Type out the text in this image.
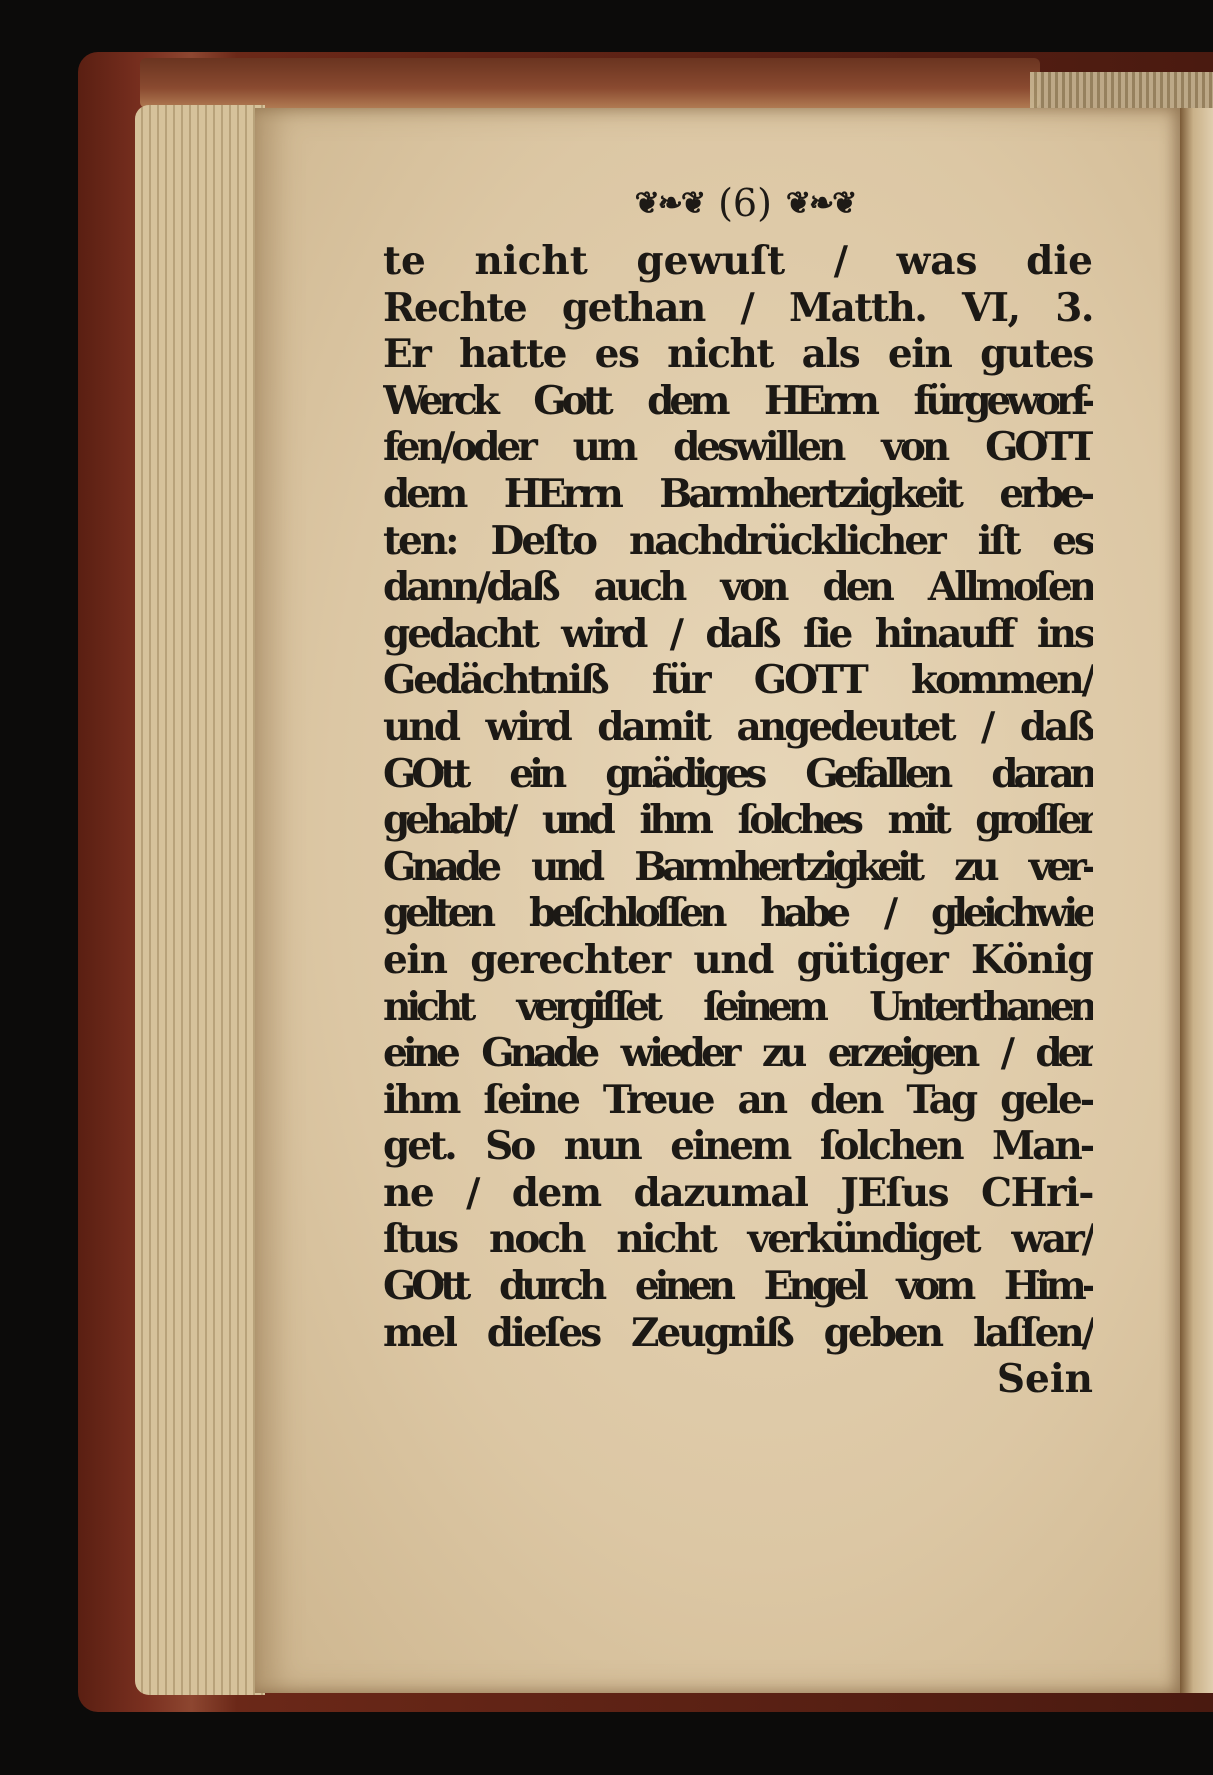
❦❧❦ (6) ❦❧❦
te nicht gewuſt / was die
Rechte gethan / Matth. VI, 3.
Er hatte es nicht als ein gutes
Werck Gott dem HErrn fürgeworf-
fen/oder um deswillen von GOTT
dem HErrn Barmhertzigkeit erbe-
ten: Deſto nachdrücklicher iſt es
dann/daß auch von den Allmoſen
gedacht wird / daß ſie hinauff ins
Gedächtniß für GOTT kommen/
und wird damit angedeutet / daß
GOtt ein gnädiges Gefallen daran
gehabt/ und ihm ſolches mit groſſer
Gnade und Barmhertzigkeit zu ver-
gelten beſchloſſen habe / gleichwie
ein gerechter und gütiger König
nicht vergiſſet ſeinem Unterthanen
eine Gnade wieder zu erzeigen / der
ihm ſeine Treue an den Tag gele-
get. So nun einem ſolchen Man-
ne / dem dazumal JEſus CHri-
ſtus noch nicht verkündiget war/
GOtt durch einen Engel vom Him-
mel dieſes Zeugniß geben laſſen/
Sein
